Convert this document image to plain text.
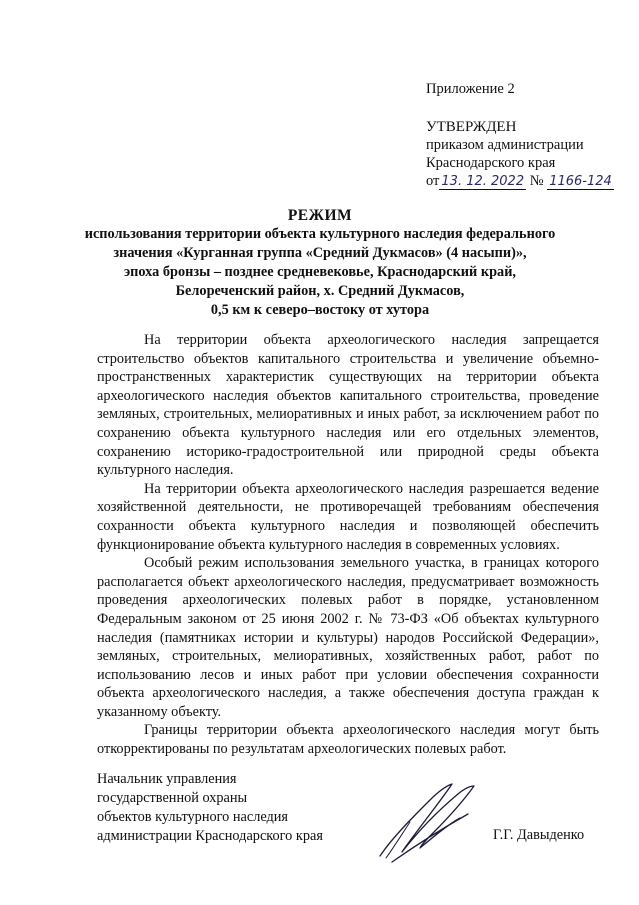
Приложение 2
УТВЕРЖДЕН
приказом администрации
Краснодарского края
от 13. 12. 2022 № 1166-124
РЕЖИМ
использования территории объекта культурного наследия федерального
значения «Курганная группа «Средний Дукмасов» (4 насыпи)»,
эпоха бронзы – позднее средневековье, Краснодарский край,
Белореченский район, х. Средний Дукмасов,
0,5 км к северо–востоку от хутора

На территории объекта археологического наследия запрещается строительство объектов капитального строительства и увеличение объемно-пространственных характеристик существующих на территории объекта археологического наследия объектов капитального строительства, проведение земляных, строительных, мелиоративных и иных работ, за исключением работ по сохранению объекта культурного наследия или его отдельных элементов, сохранению историко-градостроительной или природной среды объекта культурного наследия.

На территории объекта археологического наследия разрешается ведение хозяйственной деятельности, не противоречащей требованиям обеспечения сохранности объекта культурного наследия и позволяющей обеспечить функционирование объекта культурного наследия в современных условиях.

Особый режим использования земельного участка, в границах которого располагается объект археологического наследия, предусматривает возможность проведения археологических полевых работ в порядке, установленном Федеральным законом от 25 июня 2002 г. № 73-ФЗ «Об объектах культурного наследия (памятниках истории и культуры) народов Российской Федерации», земляных, строительных, мелиоративных, хозяйственных работ, работ по использованию лесов и иных работ при условии обеспечения сохранности объекта археологического наследия, а также обеспечения доступа граждан к указанному объекту.

Границы территории объекта археологического наследия могут быть откорректированы по результатам археологических полевых работ.

Начальник управления
государственной охраны
объектов культурного наследия
администрации Краснодарского края	Г.Г. Давыденко
